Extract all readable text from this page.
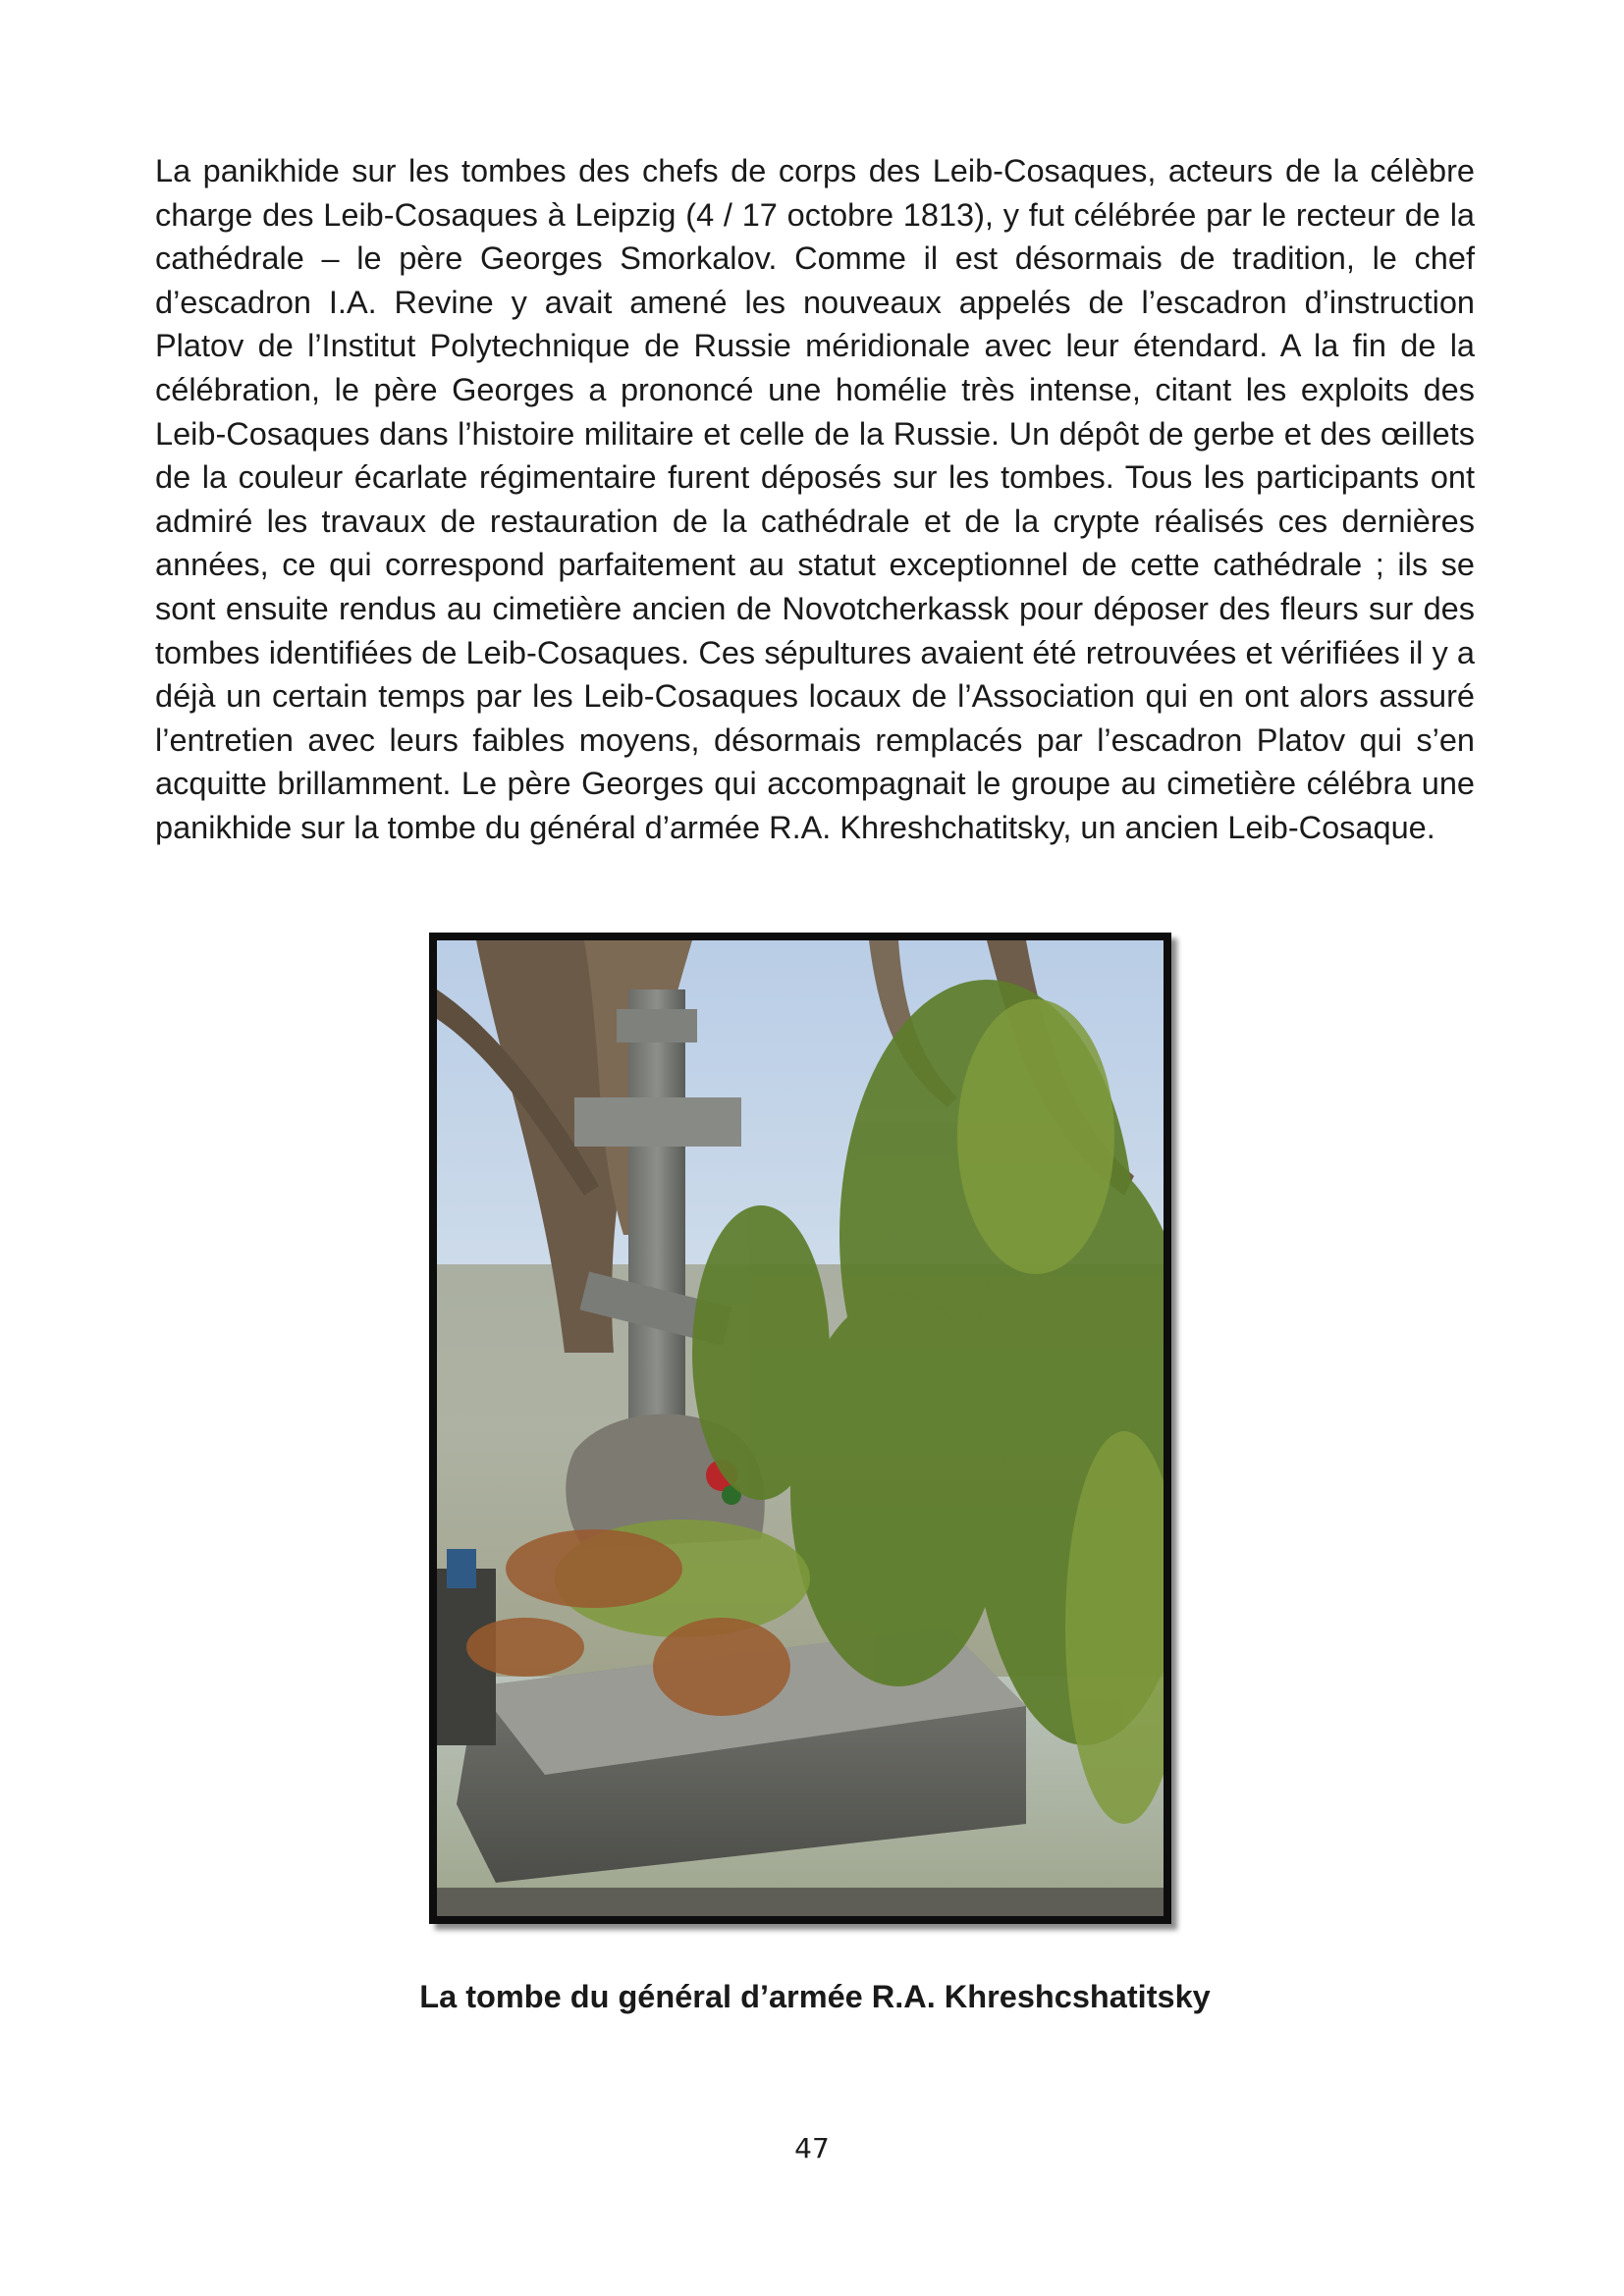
La panikhide sur les tombes des chefs de corps des Leib-Cosaques, acteurs de la célèbre charge des Leib-Cosaques à Leipzig (4 / 17 octobre 1813), y fut célébrée par le recteur de la cathédrale – le père Georges Smorkalov. Comme il est désormais de tradition, le chef d’escadron I.A. Revine y avait amené les nouveaux appelés de l’escadron d’instruction Platov de l’Institut Polytechnique de Russie méridionale avec leur étendard. A la fin de la célébration, le père Georges a prononcé une homélie très intense, citant les exploits des Leib-Cosaques dans l’histoire militaire et celle de la Russie. Un dépôt de gerbe et des œillets de la couleur écarlate régimentaire furent déposés sur les tombes. Tous les participants ont admiré les travaux de restauration de la cathédrale et de la crypte réalisés ces dernières années, ce qui correspond parfaitement au statut exceptionnel de cette cathédrale ; ils se sont ensuite rendus au cimetière ancien de Novotcherkassk pour déposer des fleurs sur des tombes identifiées de Leib-Cosaques. Ces sépultures avaient été retrouvées et vérifiées il y a déjà un certain temps par les Leib-Cosaques locaux de l’Association qui en ont alors assuré l’entretien avec leurs faibles moyens, désormais remplacés par l’escadron Platov qui s’en acquitte brillamment. Le père Georges qui accompagnait le groupe au cimetière célébra une panikhide sur la tombe du général d’armée R.A. Khreshchatitsky, un ancien Leib-Cosaque.

La tombe du général d’armée R.A. Khreshcshatitsky

47
